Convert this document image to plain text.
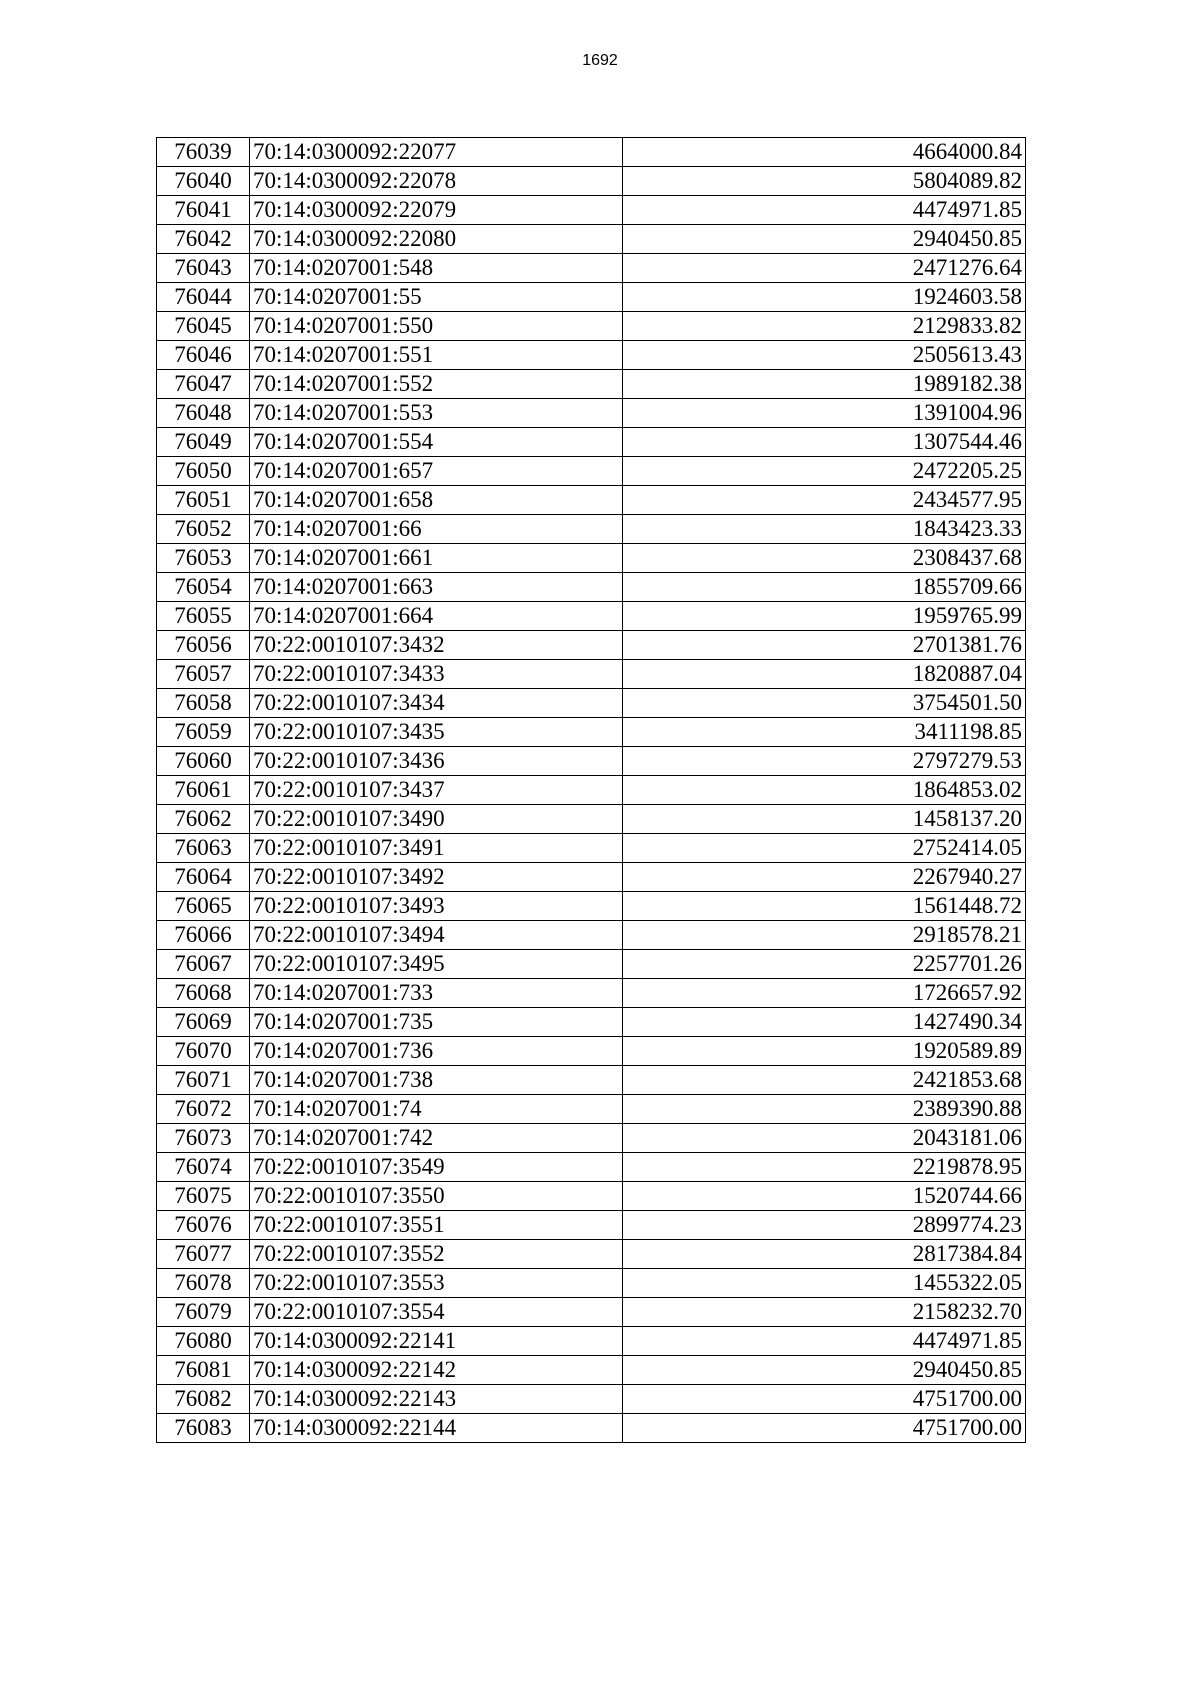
1692
76039	70:14:0300092:22077	4664000.84
76040	70:14:0300092:22078	5804089.82
76041	70:14:0300092:22079	4474971.85
76042	70:14:0300092:22080	2940450.85
76043	70:14:0207001:548	2471276.64
76044	70:14:0207001:55	1924603.58
76045	70:14:0207001:550	2129833.82
76046	70:14:0207001:551	2505613.43
76047	70:14:0207001:552	1989182.38
76048	70:14:0207001:553	1391004.96
76049	70:14:0207001:554	1307544.46
76050	70:14:0207001:657	2472205.25
76051	70:14:0207001:658	2434577.95
76052	70:14:0207001:66	1843423.33
76053	70:14:0207001:661	2308437.68
76054	70:14:0207001:663	1855709.66
76055	70:14:0207001:664	1959765.99
76056	70:22:0010107:3432	2701381.76
76057	70:22:0010107:3433	1820887.04
76058	70:22:0010107:3434	3754501.50
76059	70:22:0010107:3435	3411198.85
76060	70:22:0010107:3436	2797279.53
76061	70:22:0010107:3437	1864853.02
76062	70:22:0010107:3490	1458137.20
76063	70:22:0010107:3491	2752414.05
76064	70:22:0010107:3492	2267940.27
76065	70:22:0010107:3493	1561448.72
76066	70:22:0010107:3494	2918578.21
76067	70:22:0010107:3495	2257701.26
76068	70:14:0207001:733	1726657.92
76069	70:14:0207001:735	1427490.34
76070	70:14:0207001:736	1920589.89
76071	70:14:0207001:738	2421853.68
76072	70:14:0207001:74	2389390.88
76073	70:14:0207001:742	2043181.06
76074	70:22:0010107:3549	2219878.95
76075	70:22:0010107:3550	1520744.66
76076	70:22:0010107:3551	2899774.23
76077	70:22:0010107:3552	2817384.84
76078	70:22:0010107:3553	1455322.05
76079	70:22:0010107:3554	2158232.70
76080	70:14:0300092:22141	4474971.85
76081	70:14:0300092:22142	2940450.85
76082	70:14:0300092:22143	4751700.00
76083	70:14:0300092:22144	4751700.00
